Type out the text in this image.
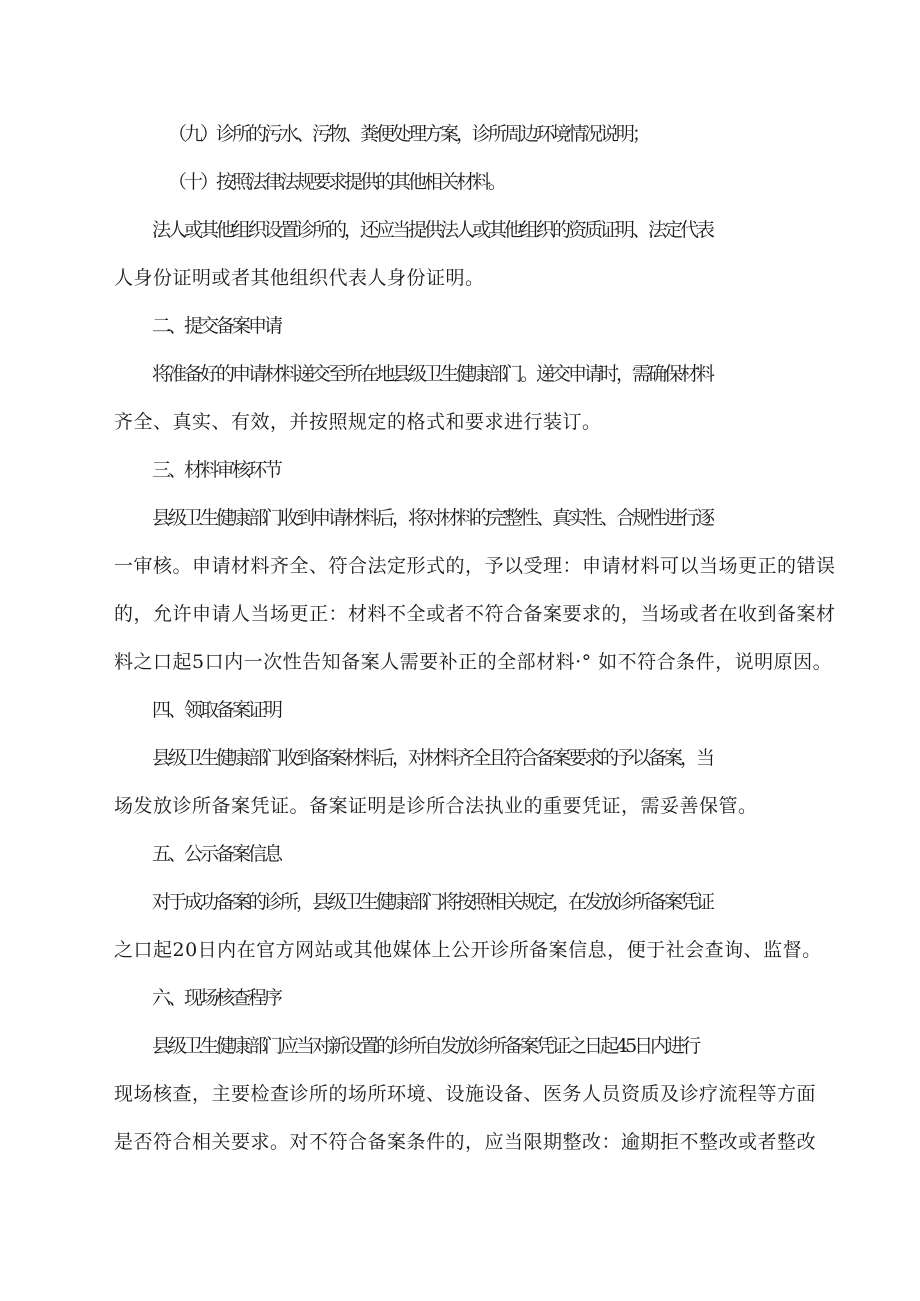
（九）诊所的污水、污物、粪便处理方案，诊所周边环境情况说明；
（十）按照法律法规要求提供的其他相关材料。
法人或其他组织设置诊所的，还应当提供法人或其他组织的资质证明、法定代表
人身份证明或者其他组织代表人身份证明。
二、提交备案申请
将准备好的申请材料递交至所在地县级卫生健康部门。递交申请时，需确保材料
齐全、真实、有效，并按照规定的格式和要求进行装订。
三、材料审核环节
县级卫生健康部门收到申请材料后，将对材料的完整性、真实性、合规性进行逐
一审核。申请材料齐全、符合法定形式的，予以受理：申请材料可以当场更正的错误
的，允许申请人当场更正：材料不全或者不符合备案要求的，当场或者在收到备案材
料之口起5口内一次性告知备案人需要补正的全部材料·° 如不符合条件，说明原因。
四、领取备案证明
县级卫生健康部门收到备案材料后，对材料齐全且符合备案要求的予以备案，当
场发放诊所备案凭证。备案证明是诊所合法执业的重要凭证，需妥善保管。
五、公示备案信息
对于成功备案的诊所，县级卫生健康部门将按照相关规定，在发放诊所备案凭证
之口起20日内在官方网站或其他媒体上公开诊所备案信息，便于社会查询、监督。
六、现场核查程序
县级卫生健康部门应当对新设置的诊所自发放诊所备案凭证之日起45日内进行
现场核查，主要检查诊所的场所环境、设施设备、医务人员资质及诊疗流程等方面
是否符合相关要求。对不符合备案条件的，应当限期整改：逾期拒不整改或者整改
